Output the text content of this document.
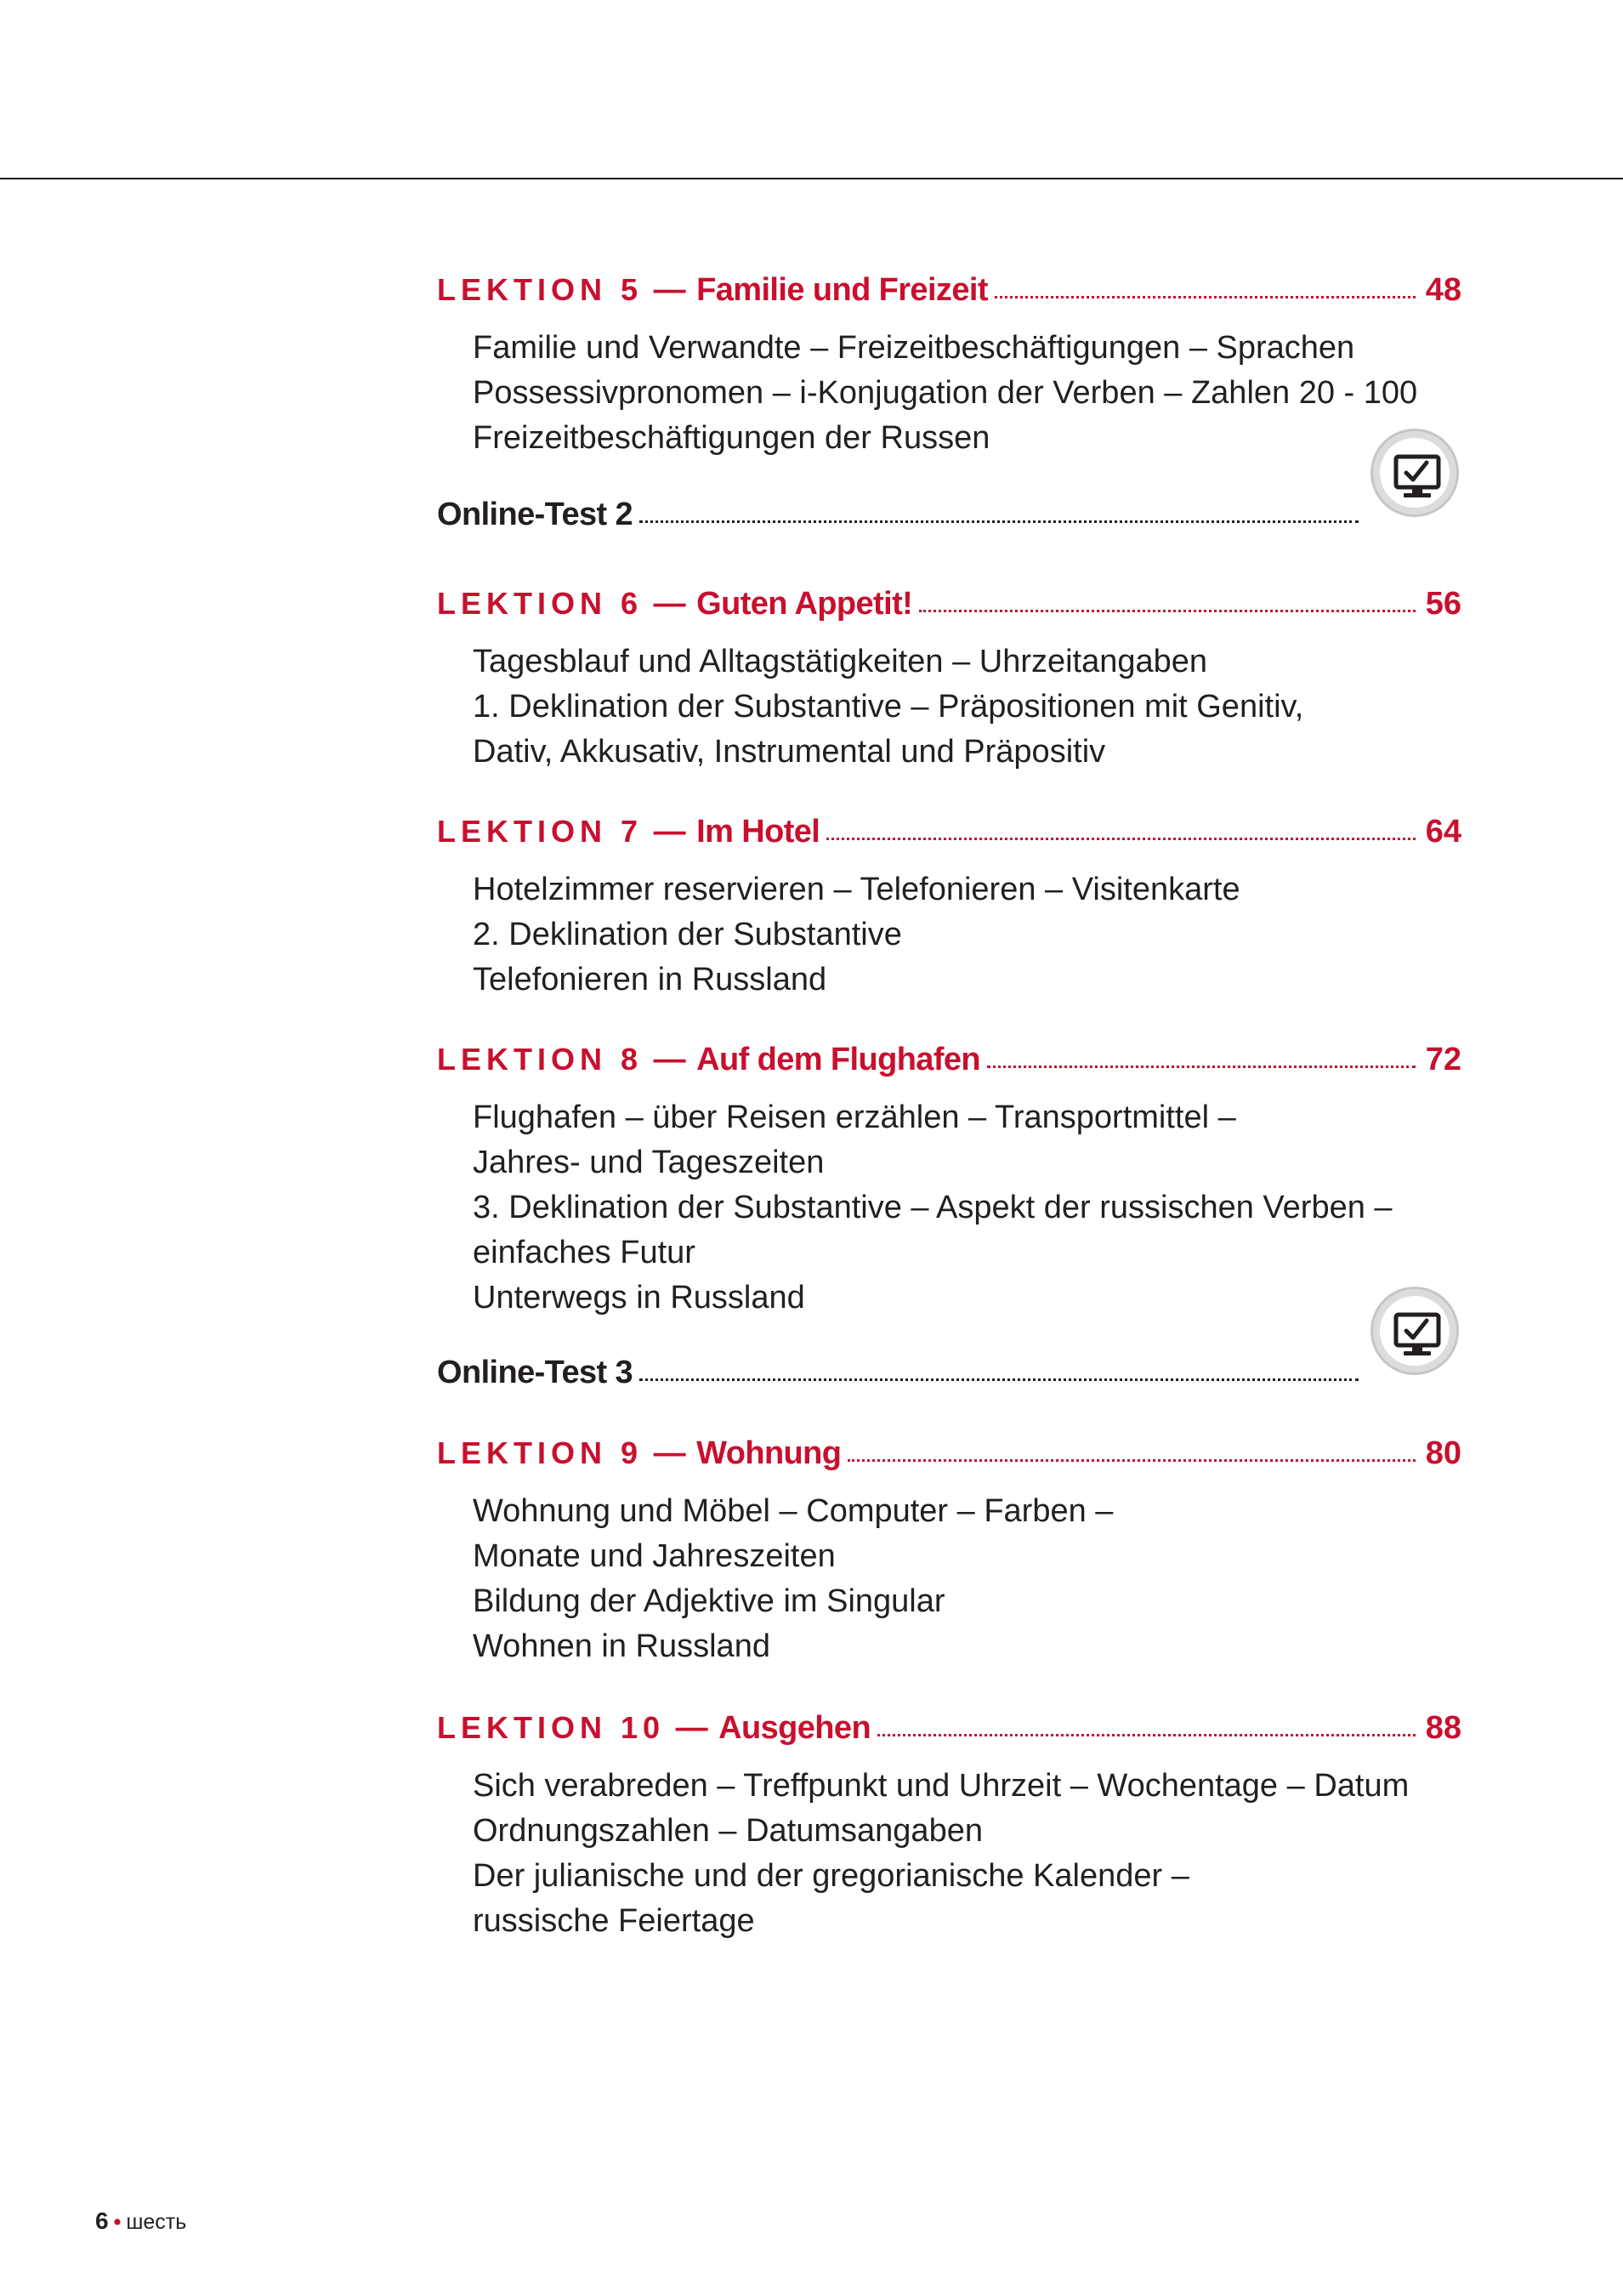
LEKTION 5 — Familie und Freizeit	48
Familie und Verwandte – Freizeitbeschäftigungen – Sprachen
Possessivpronomen – i-Konjugation der Verben – Zahlen 20 - 100
Freizeitbeschäftigungen der Russen
Online-Test 2
LEKTION 6 — Guten Appetit!	56
Tagesblauf und Alltagstätigkeiten – Uhrzeitangaben
1. Deklination der Substantive – Präpositionen mit Genitiv,
Dativ, Akkusativ, Instrumental und Präpositiv
LEKTION 7 — Im Hotel	64
Hotelzimmer reservieren – Telefonieren – Visitenkarte
2. Deklination der Substantive
Telefonieren in Russland
LEKTION 8 — Auf dem Flughafen	72
Flughafen – über Reisen erzählen – Transportmittel –
Jahres- und Tageszeiten
3. Deklination der Substantive – Aspekt der russischen Verben –
einfaches Futur
Unterwegs in Russland
Online-Test 3
LEKTION 9 — Wohnung	80
Wohnung und Möbel – Computer – Farben –
Monate und Jahreszeiten
Bildung der Adjektive im Singular
Wohnen in Russland
LEKTION 10 — Ausgehen	88
Sich verabreden – Treffpunkt und Uhrzeit – Wochentage – Datum
Ordnungszahlen – Datumsangaben
Der julianische und der gregorianische Kalender –
russische Feiertage
6 • шесть
